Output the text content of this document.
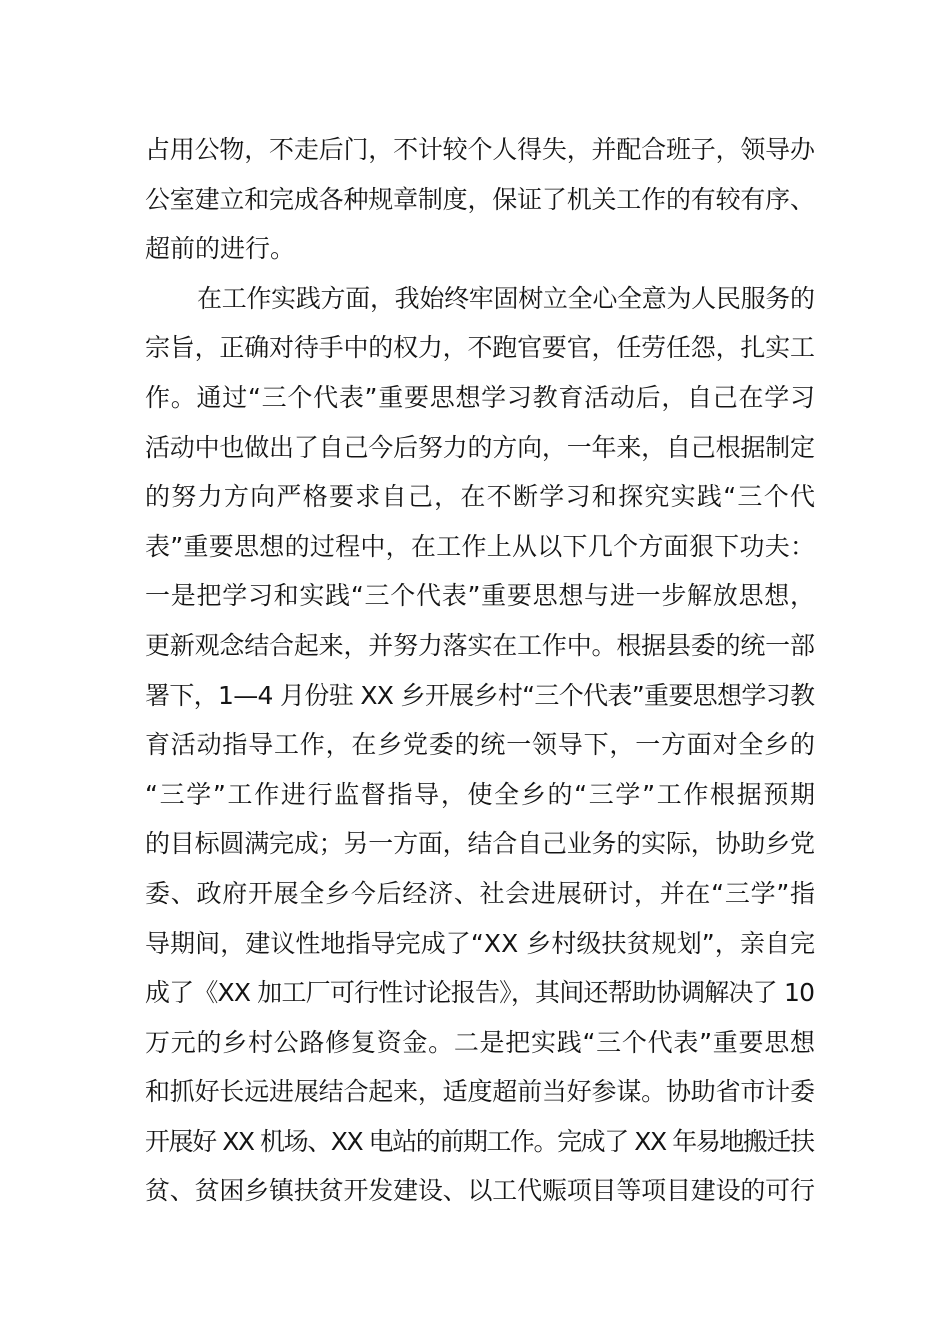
占用公物，不走后门，不计较个人得失，并配合班子，领导办
公室建立和完成各种规章制度，保证了机关工作的有较有序、
超前的进行。
在工作实践方面，我始终牢固树立全心全意为人民服务的
宗旨，正确对待手中的权力，不跑官要官，任劳任怨，扎实工
作。通过“三个代表”重要思想学习教育活动后，自己在学习
活动中也做出了自己今后努力的方向，一年来，自己根据制定
的努力方向严格要求自己，在不断学习和探究实践“三个代
表”重要思想的过程中，在工作上从以下几个方面狠下功夫：
一是把学习和实践“三个代表”重要思想与进一步解放思想，
更新观念结合起来，并努力落实在工作中。根据县委的统一部
署下，1—4 月份驻 XX 乡开展乡村“三个代表”重要思想学习教
育活动指导工作，在乡党委的统一领导下，一方面对全乡的
“三学”工作进行监督指导，使全乡的“三学”工作根据预期
的目标圆满完成；另一方面，结合自己业务的实际，协助乡党
委、政府开展全乡今后经济、社会进展研讨，并在“三学”指
导期间，建议性地指导完成了“XX 乡村级扶贫规划”，亲自完
成了《XX 加工厂可行性讨论报告》，其间还帮助协调解决了 10
万元的乡村公路修复资金。二是把实践“三个代表”重要思想
和抓好长远进展结合起来，适度超前当好参谋。协助省市计委
开展好 XX 机场、XX 电站的前期工作。完成了 XX 年易地搬迁扶
贫、贫困乡镇扶贫开发建设、以工代赈项目等项目建设的可行
